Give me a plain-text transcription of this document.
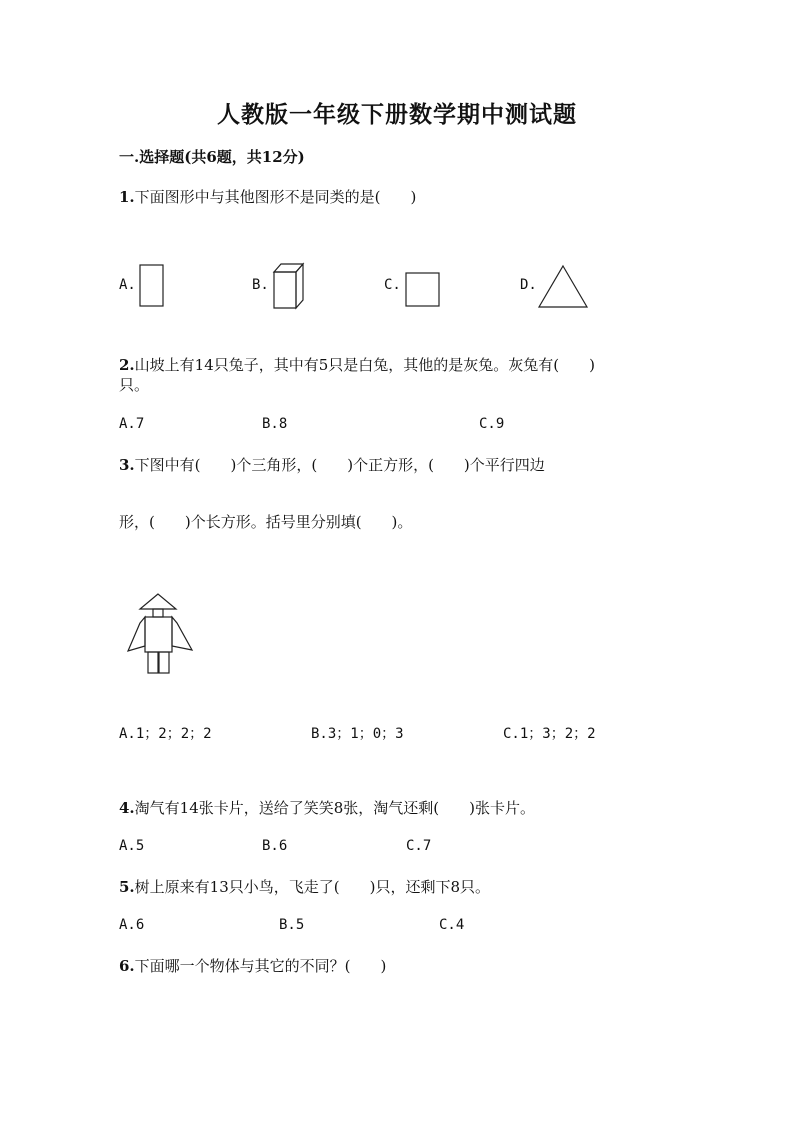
人教版一年级下册数学期中测试题
一.选择题(共6题，共12分)
1.下面图形中与其他图形不是同类的是(　　)
A.	B.	C.	D.
2.山坡上有14只兔子，其中有5只是白兔，其他的是灰兔。灰兔有(　　)
只。
A.7	B.8	C.9
3.下图中有(　　)个三角形，(　　)个正方形，(　　)个平行四边
形，(　　)个长方形。括号里分别填(　　)。
A.1；2；2；2	B.3；1；0；3	C.1；3；2；2
4.淘气有14张卡片，送给了笑笑8张，淘气还剩(　　)张卡片。
A.5	B.6	C.7
5.树上原来有13只小鸟，飞走了(　　)只，还剩下8只。
A.6	B.5	C.4
6.下面哪一个物体与其它的不同？(　　)
